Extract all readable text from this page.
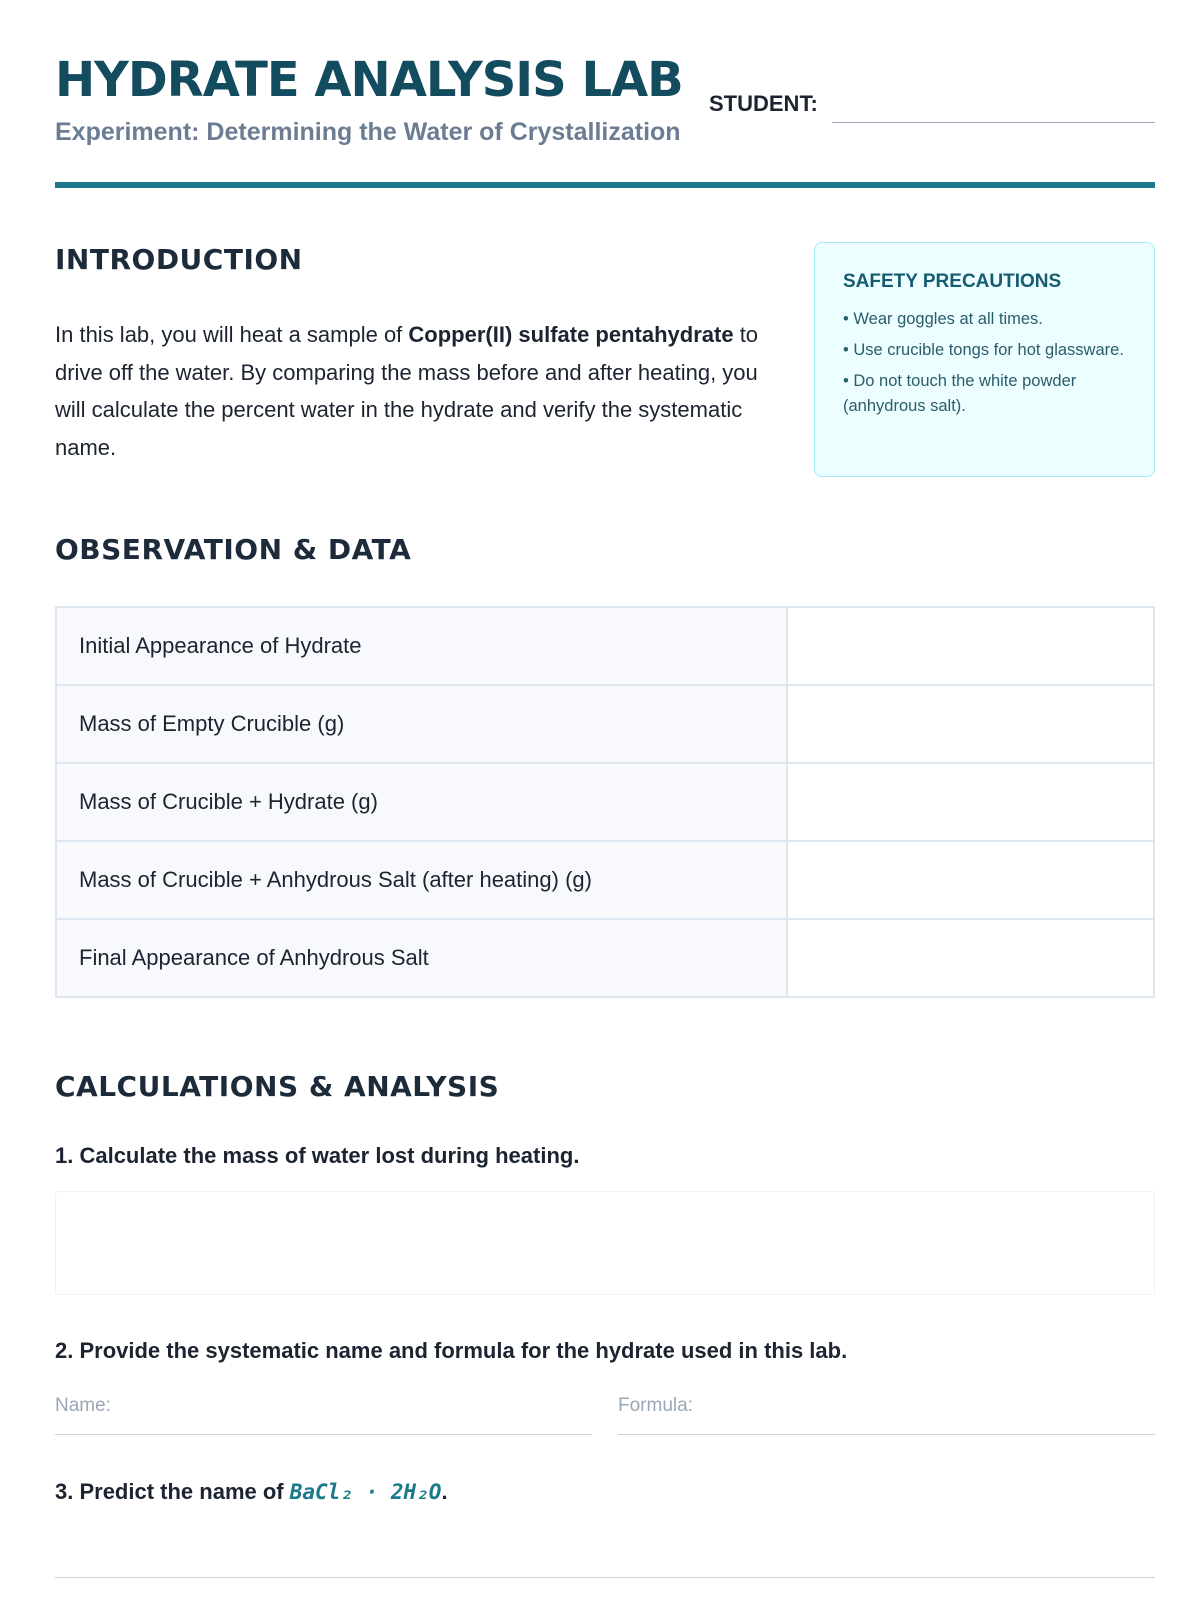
HYDRATE ANALYSIS LAB
Experiment: Determining the Water of Crystallization
STUDENT:
INTRODUCTION
In this lab, you will heat a sample of Copper(II) sulfate pentahydrate to drive off the water. By comparing the mass before and after heating, you will calculate the percent water in the hydrate and verify the systematic name.
SAFETY PRECAUTIONS
• Wear goggles at all times.
• Use crucible tongs for hot glassware.
• Do not touch the white powder (anhydrous salt).
OBSERVATION & DATA
Initial Appearance of Hydrate	
Mass of Empty Crucible (g)	
Mass of Crucible + Hydrate (g)	
Mass of Crucible + Anhydrous Salt (after heating) (g)	
Final Appearance of Anhydrous Salt	
CALCULATIONS & ANALYSIS
1. Calculate the mass of water lost during heating.
2. Provide the systematic name and formula for the hydrate used in this lab.
Name:	Formula:
3. Predict the name of BaCl₂ · 2H₂O.
